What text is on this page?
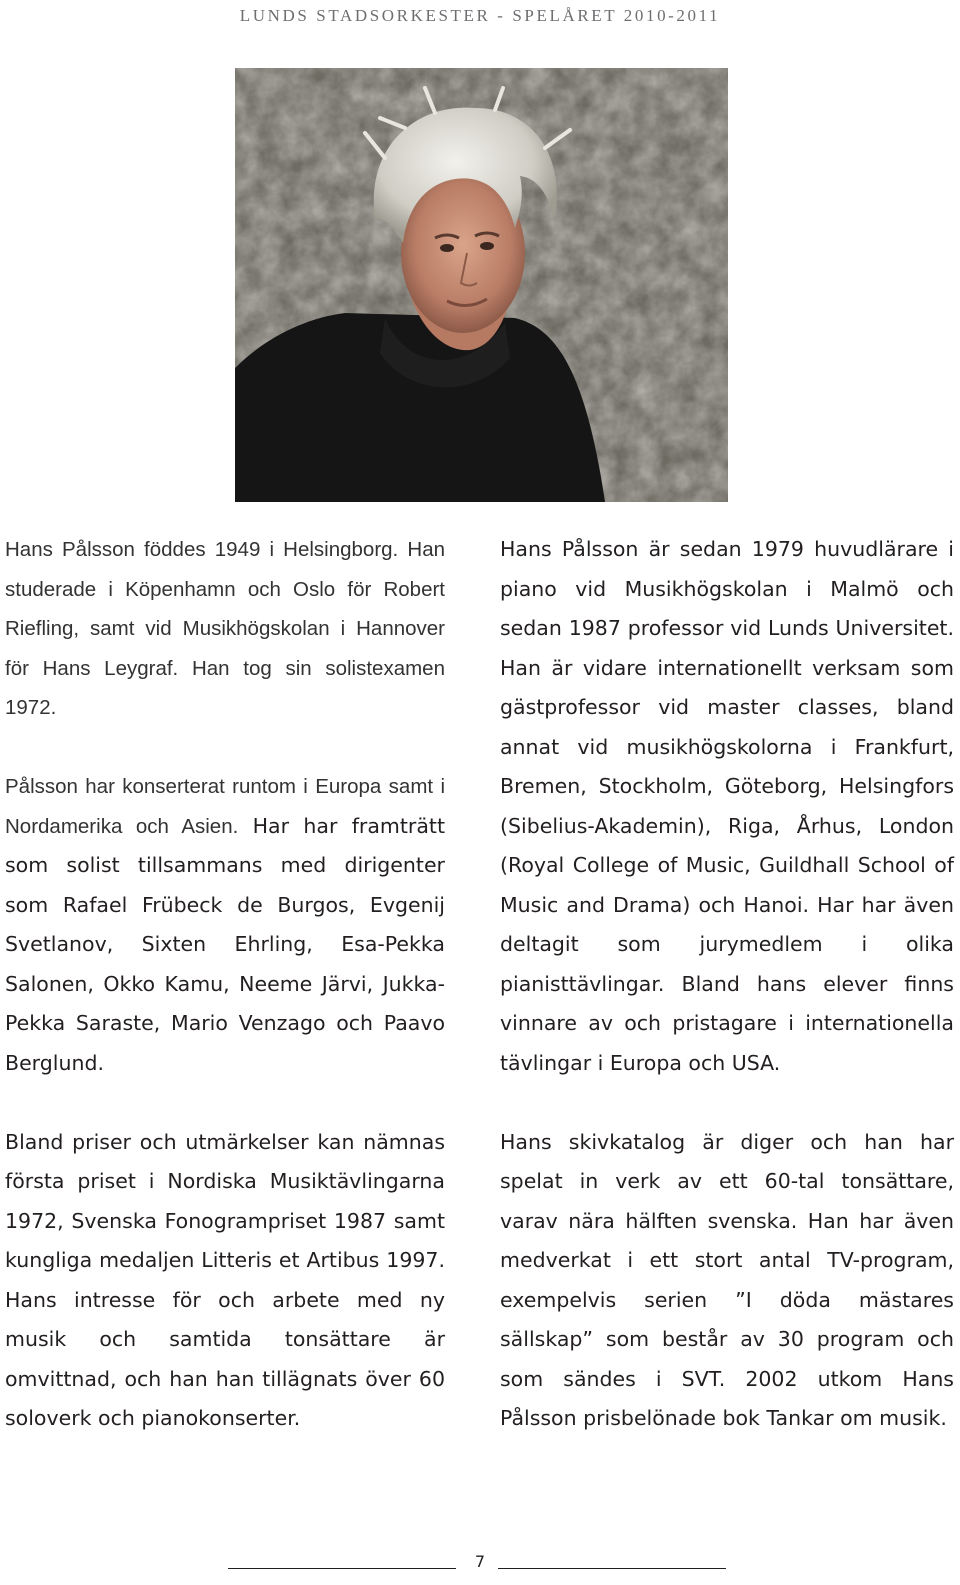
LUNDS STADSORKESTER - SPELÅRET 2010-2011

Hans Pålsson föddes 1949 i Helsingborg. Han studerade i Köpenhamn och Oslo för Robert Riefling, samt vid Musikhögskolan i Hannover för Hans Leygraf. Han tog sin solistexamen 1972.

Pålsson har konserterat runtom i Europa samt i Nordamerika och Asien. Har har framträtt som solist tillsammans med dirigenter som Rafael Frübeck de Burgos, Evgenij Svetlanov, Sixten Ehrling, Esa-Pekka Salonen, Okko Kamu, Neeme Järvi, Jukka-Pekka Saraste, Mario Venzago och Paavo Berglund.

Bland priser och utmärkelser kan nämnas första priset i Nordiska Musiktävlingarna 1972, Svenska Fonogrampriset 1987 samt kungliga medaljen Litteris et Artibus 1997. Hans intresse för och arbete med ny musik och samtida tonsättare är omvittnad, och han han tillägnats över 60 soloverk och pianokonserter.

Hans Pålsson är sedan 1979 huvudlärare i piano vid Musikhögskolan i Malmö och sedan 1987 professor vid Lunds Universitet. Han är vidare internationellt verksam som gästprofessor vid master classes, bland annat vid musikhögskolorna i Frankfurt, Bremen, Stockholm, Göteborg, Helsingfors (Sibelius-Akademin), Riga, Århus, London (Royal College of Music, Guildhall School of Music and Drama) och Hanoi. Har har även deltagit som jurymedlem i olika pianisttävlingar. Bland hans elever finns vinnare av och pristagare i internationella tävlingar i Europa och USA.

Hans skivkatalog är diger och han har spelat in verk av ett 60-tal tonsättare, varav nära hälften svenska. Han har även medverkat i ett stort antal TV-program, exempelvis serien ”I döda mästares sällskap” som består av 30 program och som sändes i SVT. 2002 utkom Hans Pålsson prisbelönade bok Tankar om musik.

7
